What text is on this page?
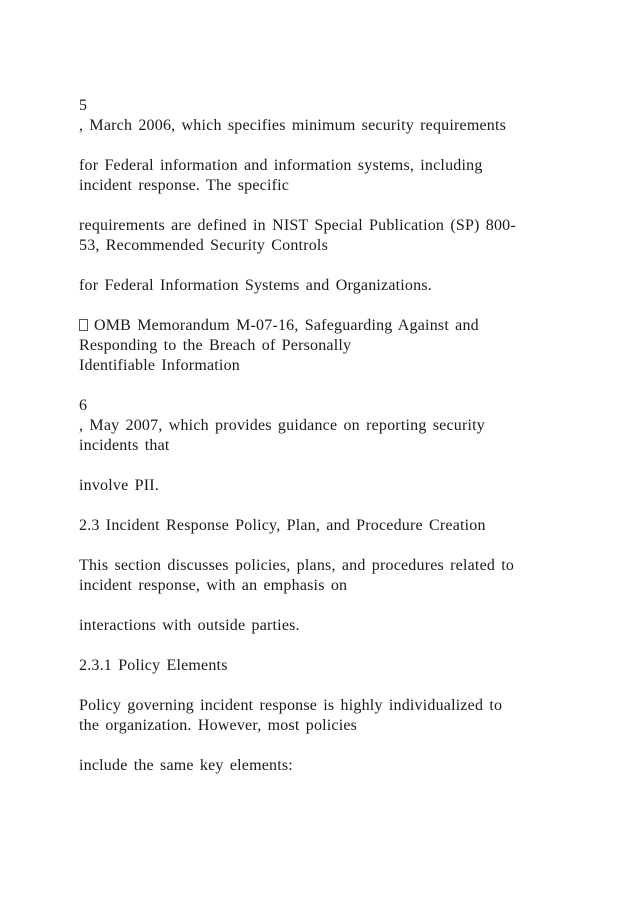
5
, March 2006, which specifies minimum security requirements
for Federal information and information systems, including
incident response. The specific
requirements are defined in NIST Special Publication (SP) 800-
53, Recommended Security Controls
for Federal Information Systems and Organizations.
OMB Memorandum M-07-16, Safeguarding Against and
Responding to the Breach of Personally
Identifiable Information
6
, May 2007, which provides guidance on reporting security
incidents that
involve PII.
2.3 Incident Response Policy, Plan, and Procedure Creation
This section discusses policies, plans, and procedures related to
incident response, with an emphasis on
interactions with outside parties.
2.3.1 Policy Elements
Policy governing incident response is highly individualized to
the organization. However, most policies
include the same key elements:
